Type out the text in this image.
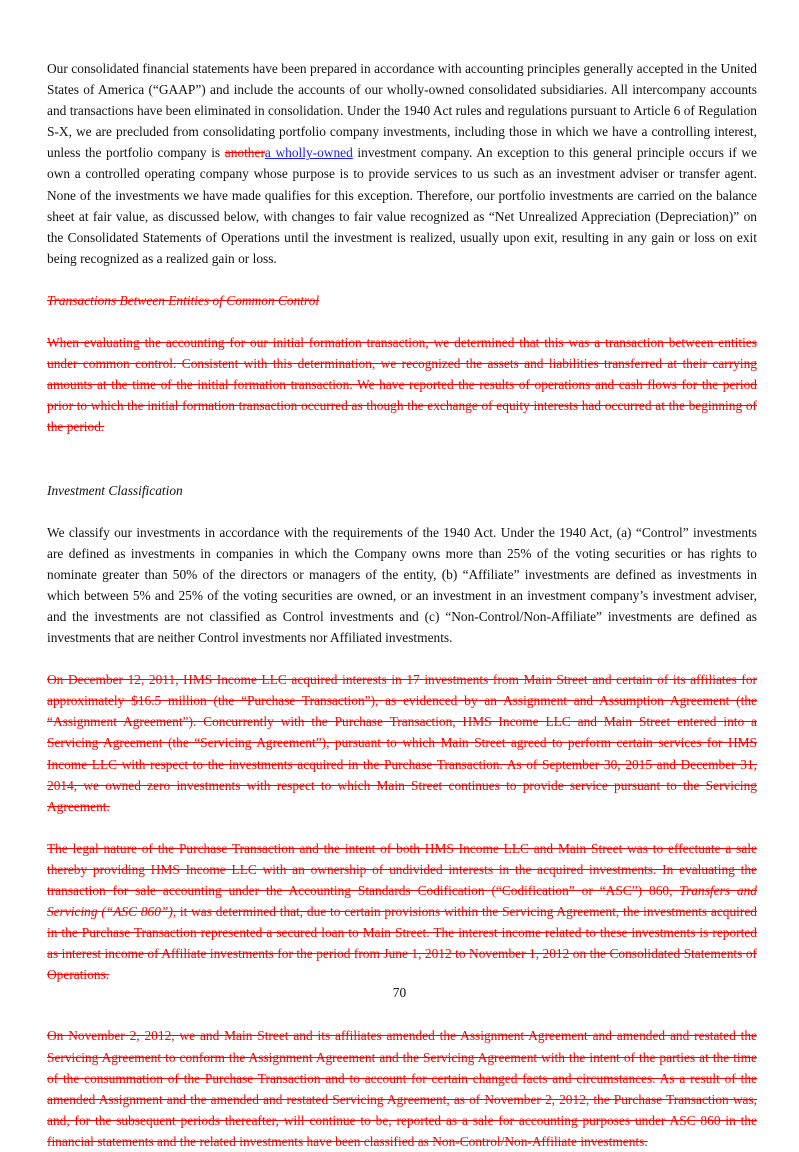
Our consolidated financial statements have been prepared in accordance with accounting principles generally accepted in the United States of America (“GAAP”) and include the accounts of our wholly-owned consolidated subsidiaries. All intercompany accounts and transactions have been eliminated in consolidation. Under the 1940 Act rules and regulations pursuant to Article 6 of Regulation S-X, we are precluded from consolidating portfolio company investments, including those in which we have a controlling interest, unless the portfolio company is anothera wholly-owned investment company. An exception to this general principle occurs if we own a controlled operating company whose purpose is to provide services to us such as an investment adviser or transfer agent. None of the investments we have made qualifies for this exception. Therefore, our portfolio investments are carried on the balance sheet at fair value, as discussed below, with changes to fair value recognized as “Net Unrealized Appreciation (Depreciation)” on the Consolidated Statements of Operations until the investment is realized, usually upon exit, resulting in any gain or loss on exit being recognized as a realized gain or loss.

Transactions Between Entities of Common Control

When evaluating the accounting for our initial formation transaction, we determined that this was a transaction between entities under common control. Consistent with this determination, we recognized the assets and liabilities transferred at their carrying amounts at the time of the initial formation transaction. We have reported the results of operations and cash flows for the period prior to which the initial formation transaction occurred as though the exchange of equity interests had occurred at the beginning of the period.

Investment Classification

We classify our investments in accordance with the requirements of the 1940 Act. Under the 1940 Act, (a) “Control” investments are defined as investments in companies in which the Company owns more than 25% of the voting securities or has rights to nominate greater than 50% of the directors or managers of the entity, (b) “Affiliate” investments are defined as investments in which between 5% and 25% of the voting securities are owned, or an investment in an investment company’s investment adviser, and the investments are not classified as Control investments and (c) “Non-Control/Non-Affiliate” investments are defined as investments that are neither Control investments nor Affiliated investments.

On December 12, 2011, HMS Income LLC acquired interests in 17 investments from Main Street and certain of its affiliates for approximately $16.5 million (the “Purchase Transaction”), as evidenced by an Assignment and Assumption Agreement (the “Assignment Agreement”). Concurrently with the Purchase Transaction, HMS Income LLC and Main Street entered into a Servicing Agreement (the “Servicing Agreement”), pursuant to which Main Street agreed to perform certain services for HMS Income LLC with respect to the investments acquired in the Purchase Transaction. As of September 30, 2015 and December 31, 2014, we owned zero investments with respect to which Main Street continues to provide service pursuant to the Servicing Agreement.

The legal nature of the Purchase Transaction and the intent of both HMS Income LLC and Main Street was to effectuate a sale thereby providing HMS Income LLC with an ownership of undivided interests in the acquired investments. In evaluating the transaction for sale accounting under the Accounting Standards Codification (“Codification” or “ASC”) 860, Transfers and Servicing (“ASC 860”), it was determined that, due to certain provisions within the Servicing Agreement, the investments acquired in the Purchase Transaction represented a secured loan to Main Street. The interest income related to these investments is reported as interest income of Affiliate investments for the period from June 1, 2012 to November 1, 2012 on the Consolidated Statements of Operations.

On November 2, 2012, we and Main Street and its affiliates amended the Assignment Agreement and amended and restated the Servicing Agreement to conform the Assignment Agreement and the Servicing Agreement with the intent of the parties at the time of the consummation of the Purchase Transaction and to account for certain changed facts and circumstances. As a result of the amended Assignment and the amended and restated Servicing Agreement, as of November 2, 2012, the Purchase Transaction was, and, for the subsequent periods thereafter, will continue to be, reported as a sale for accounting purposes under ASC 860 in the financial statements and the related investments have been classified as Non-Control/Non-Affiliate investments.

70
